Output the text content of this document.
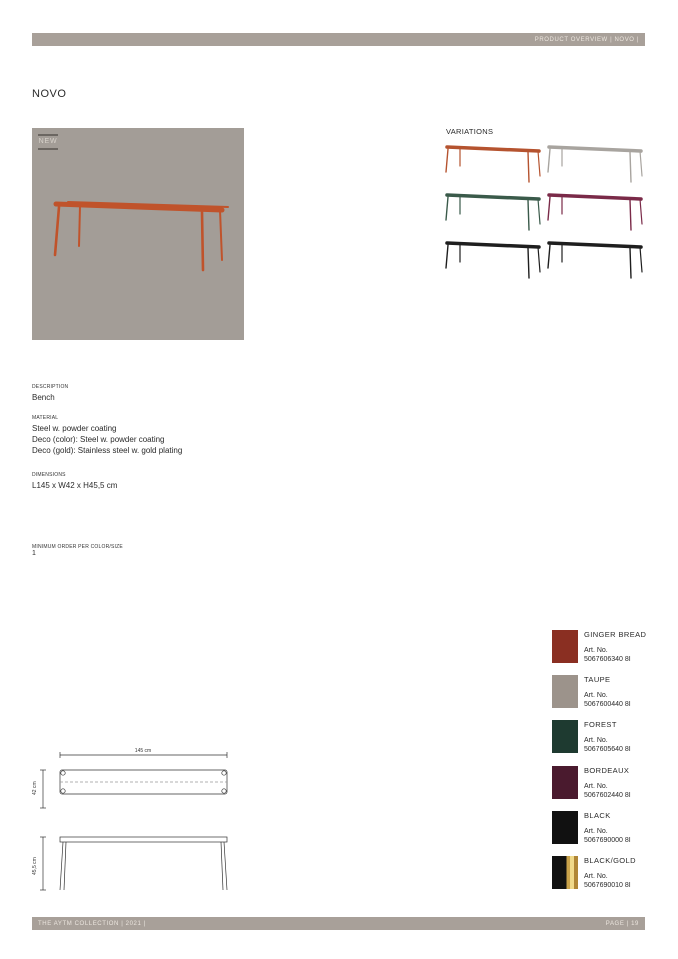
PRODUCT OVERVIEW | NOVO |
NOVO
NEW
VARIATIONS
DESCRIPTION
Bench
MATERIAL
Steel w. powder coating
Deco (color): Steel w. powder coating
Deco (gold): Stainless steel w. gold plating
DIMENSIONS
L145 x W42 x H45,5 cm
MINIMUM ORDER PER COLOR/SIZE
1
GINGER BREAD
Art. No.
5067606340 8I
TAUPE
Art. No.
5067600440 8I
FOREST
Art. No.
5067605640 8I
BORDEAUX
Art. No.
5067602440 8I
BLACK
Art. No.
5067690000 8I
BLACK/GOLD
Art. No.
5067690010 8I
145 cm
42 cm
45,5 cm
THE AYTM COLLECTION | 2021 |	PAGE | 19
